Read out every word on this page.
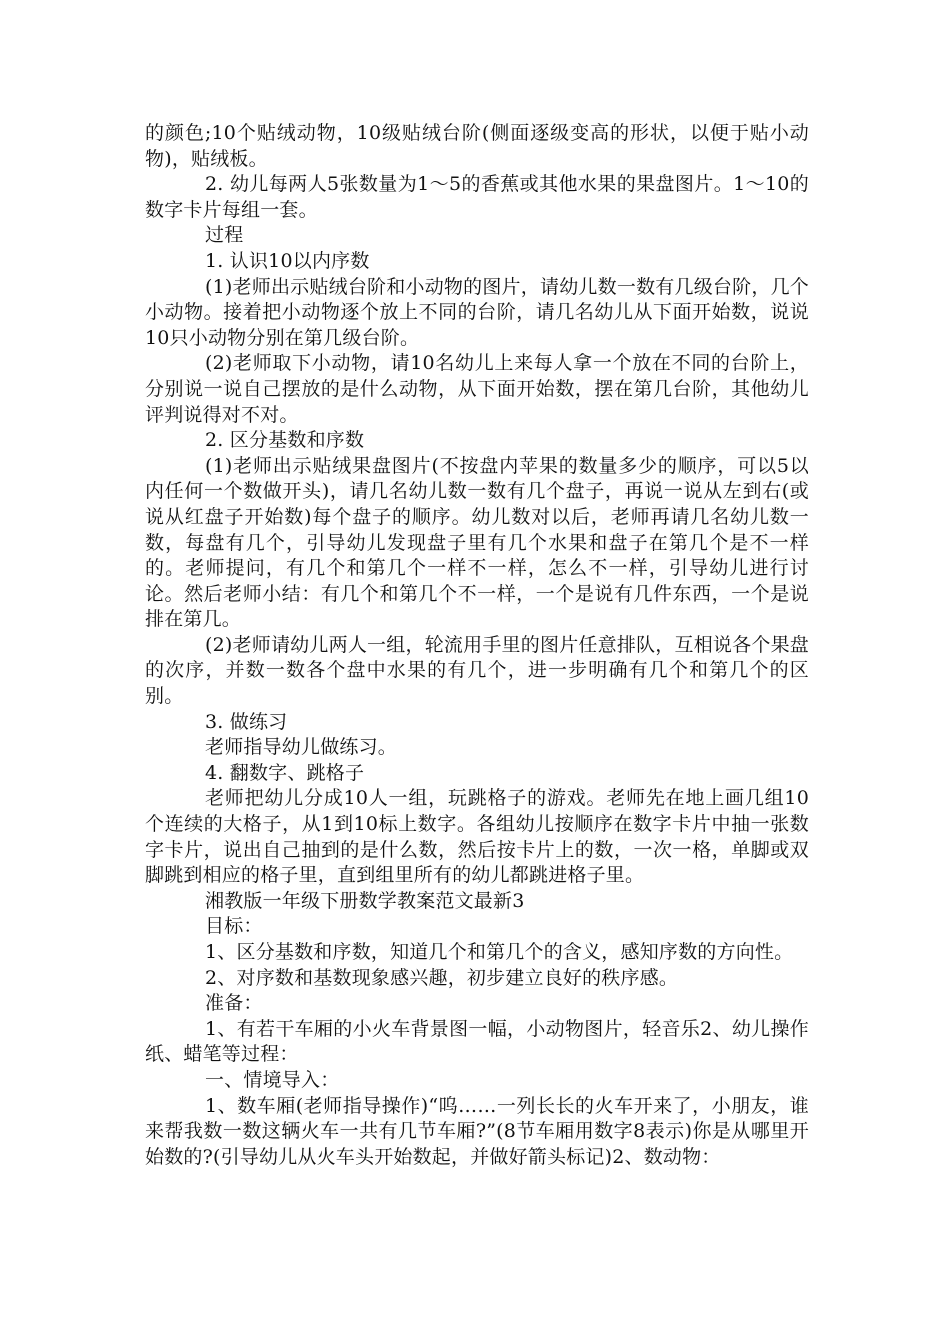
的颜色;10个贴绒动物，10级贴绒台阶(侧面逐级变高的形状，以便于贴小动物)，贴绒板。

2. 幼儿每两人5张数量为1～5的香蕉或其他水果的果盘图片。1～10的数字卡片每组一套。

过程

1. 认识10以内序数

(1)老师出示贴绒台阶和小动物的图片，请幼儿数一数有几级台阶，几个小动物。接着把小动物逐个放上不同的台阶，请几名幼儿从下面开始数，说说10只小动物分别在第几级台阶。

(2)老师取下小动物，请10名幼儿上来每人拿一个放在不同的台阶上，分别说一说自己摆放的是什么动物，从下面开始数，摆在第几台阶，其他幼儿评判说得对不对。

2. 区分基数和序数

(1)老师出示贴绒果盘图片(不按盘内苹果的数量多少的顺序，可以5以内任何一个数做开头)，请几名幼儿数一数有几个盘子，再说一说从左到右(或说从红盘子开始数)每个盘子的顺序。幼儿数对以后，老师再请几名幼儿数一数，每盘有几个，引导幼儿发现盘子里有几个水果和盘子在第几个是不一样的。老师提问，有几个和第几个一样不一样，怎么不一样，引导幼儿进行讨论。然后老师小结：有几个和第几个不一样，一个是说有几件东西，一个是说排在第几。

(2)老师请幼儿两人一组，轮流用手里的图片任意排队，互相说各个果盘的次序，并数一数各个盘中水果的有几个，进一步明确有几个和第几个的区别。

3. 做练习

老师指导幼儿做练习。

4. 翻数字、跳格子

老师把幼儿分成10人一组，玩跳格子的游戏。老师先在地上画几组10个连续的大格子，从1到10标上数字。各组幼儿按顺序在数字卡片中抽一张数字卡片，说出自己抽到的是什么数，然后按卡片上的数，一次一格，单脚或双脚跳到相应的格子里，直到组里所有的幼儿都跳进格子里。

湘教版一年级下册数学教案范文最新3

目标：

1、区分基数和序数，知道几个和第几个的含义，感知序数的方向性。

2、对序数和基数现象感兴趣，初步建立良好的秩序感。

准备：

1、有若干车厢的小火车背景图一幅，小动物图片，轻音乐2、幼儿操作纸、蜡笔等过程：

一、情境导入：

1、数车厢(老师指导操作)“呜……一列长长的火车开来了，小朋友，谁来帮我数一数这辆火车一共有几节车厢?”(8节车厢用数字8表示)你是从哪里开始数的?(引导幼儿从火车头开始数起，并做好箭头标记)2、数动物：
